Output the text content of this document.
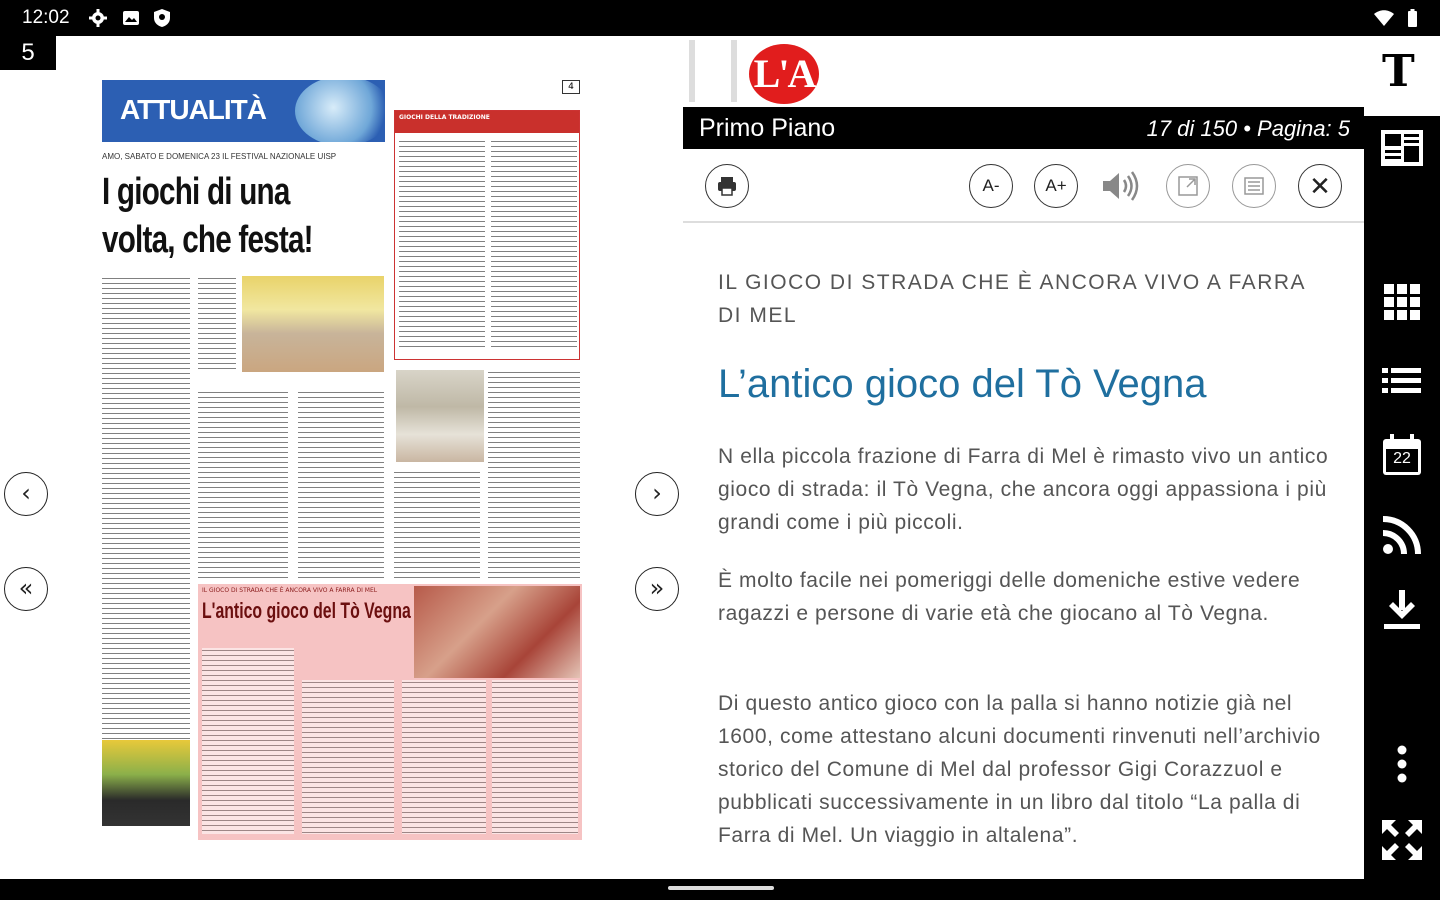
12:02
5
ATTUALITÀ
4
AMO, SABATO E DOMENICA 23 IL FESTIVAL NAZIONALE UISP
I giochi di una volta, che festa!
GIOCHI DELLA TRADIZIONE
IL GIOCO DI STRADA CHE È ANCORA VIVO A FARRA DI MEL
L'antico gioco del Tò Vegna
‹
«
›
»
L'A
Primo Piano	17 di 150 • Pagina: 5
A-	A+	✕
IL GIOCO DI STRADA CHE È ANCORA VIVO A FARRA DI MEL
L’antico gioco del Tò Vegna

N ella piccola frazione di Farra di Mel è rimasto vivo un antico gioco di strada: il Tò Vegna, che ancora oggi appassiona i più grandi come i più piccoli.

È molto facile nei pomeriggi delle domeniche estive vedere ragazzi e persone di varie età che giocano al Tò Vegna.

Di questo antico gioco con la palla si hanno notizie già nel 1600, come attestano alcuni documenti rinvenuti nell’archivio storico del Comune di Mel dal professor Gigi Corazzuol e pubblicati successivamente in un libro dal titolo “La palla di Farra di Mel. Un viaggio in altalena”.

T
22
